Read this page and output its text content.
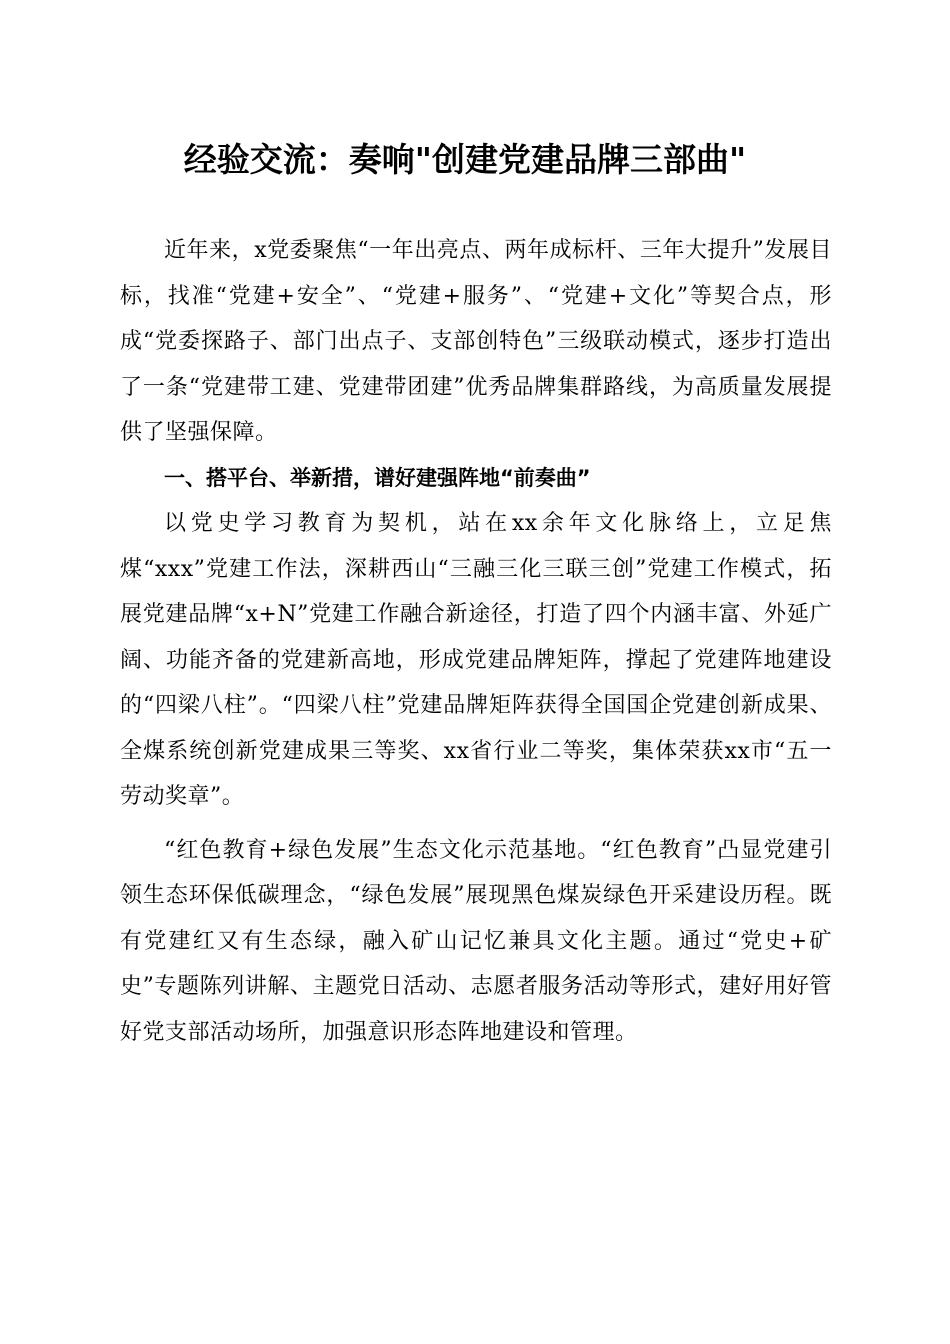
经验交流：奏响"创建党建品牌三部曲"

近年来，x党委聚焦“一年出亮点、两年成标杆、三年大提升”发展目标，找准“党建+安全”、“党建+服务”、“党建+文化”等契合点，形成“党委探路子、部门出点子、支部创特色”三级联动模式，逐步打造出了一条“党建带工建、党建带团建”优秀品牌集群路线，为高质量发展提供了坚强保障。

一、搭平台、举新措，谱好建强阵地“前奏曲”

以党史学习教育为契机，站在xx余年文化脉络上，立足焦煤“xxx”党建工作法，深耕西山“三融三化三联三创”党建工作模式，拓展党建品牌“x+N”党建工作融合新途径，打造了四个内涵丰富、外延广阔、功能齐备的党建新高地，形成党建品牌矩阵，撑起了党建阵地建设的“四梁八柱”。“四梁八柱”党建品牌矩阵获得全国国企党建创新成果、全煤系统创新党建成果三等奖、xx省行业二等奖，集体荣获xx市“五一劳动奖章”。

“红色教育+绿色发展”生态文化示范基地。“红色教育”凸显党建引领生态环保低碳理念，“绿色发展”展现黑色煤炭绿色开采建设历程。既有党建红又有生态绿，融入矿山记忆兼具文化主题。通过“党史+矿史”专题陈列讲解、主题党日活动、志愿者服务活动等形式，建好用好管好党支部活动场所，加强意识形态阵地建设和管理。
